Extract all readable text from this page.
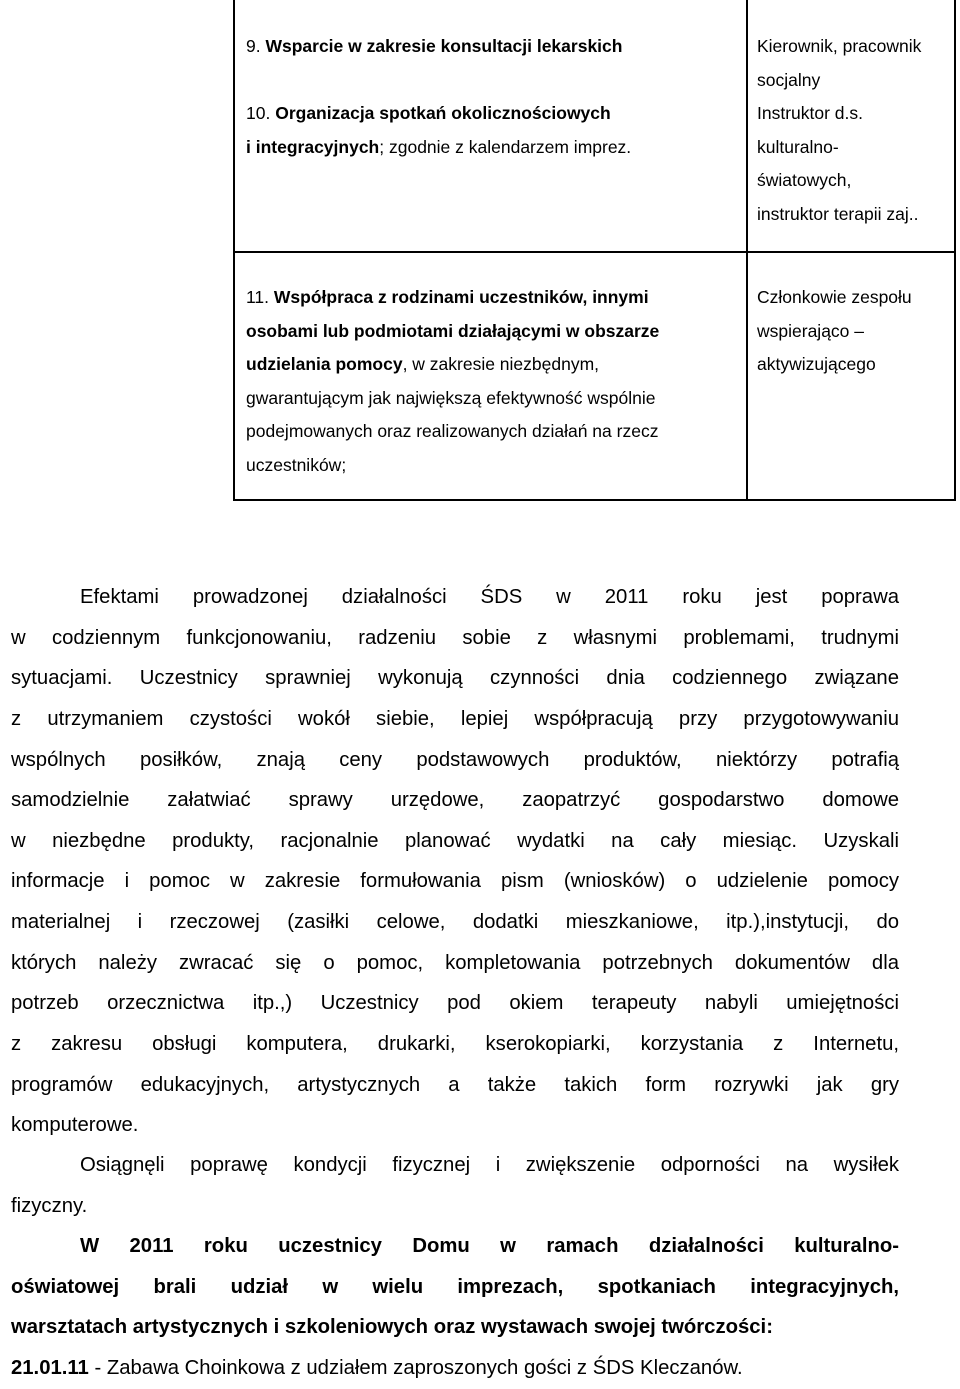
9. Wsparcie w zakresie konsultacji lekarskich
10. Organizacja spotkań okolicznościowych
i integracyjnych; zgodnie z kalendarzem imprez.
Kierownik, pracownik
socjalny
Instruktor d.s.
kulturalno-
światowych,
instruktor terapii zaj..
11. Współpraca z rodzinami uczestników, innymi
osobami lub podmiotami działającymi w obszarze
udzielania pomocy, w zakresie niezbędnym,
gwarantującym jak największą efektywność wspólnie
podejmowanych oraz realizowanych działań na rzecz
uczestników;
Członkowie zespołu
wspierająco –
aktywizującego
Efektami prowadzonej działalności ŚDS w 2011 roku jest poprawa
w codziennym funkcjonowaniu, radzeniu sobie z własnymi problemami, trudnymi
sytuacjami. Uczestnicy sprawniej wykonują czynności dnia codziennego związane
z utrzymaniem czystości wokół siebie, lepiej współpracują przy przygotowywaniu
wspólnych posiłków, znają ceny podstawowych produktów, niektórzy potrafią
samodzielnie załatwiać sprawy urzędowe, zaopatrzyć gospodarstwo domowe
w niezbędne produkty, racjonalnie planować wydatki na cały miesiąc. Uzyskali
informacje i pomoc w zakresie formułowania pism (wniosków) o udzielenie pomocy
materialnej i rzeczowej (zasiłki celowe, dodatki mieszkaniowe, itp.),instytucji, do
których należy zwracać się o pomoc, kompletowania potrzebnych dokumentów dla
potrzeb orzecznictwa itp.,) Uczestnicy pod okiem terapeuty nabyli umiejętności
z zakresu obsługi komputera, drukarki, kserokopiarki, korzystania z Internetu,
programów edukacyjnych, artystycznych a także takich form rozrywki jak gry
komputerowe.
Osiągnęli poprawę kondycji fizycznej i zwiększenie odporności na wysiłek
fizyczny.
W 2011 roku uczestnicy Domu w ramach działalności kulturalno-
oświatowej brali udział w wielu imprezach, spotkaniach integracyjnych,
warsztatach artystycznych i szkoleniowych oraz wystawach swojej twórczości:
21.01.11 - Zabawa Choinkowa z udziałem zaproszonych gości z ŚDS Kleczanów.
